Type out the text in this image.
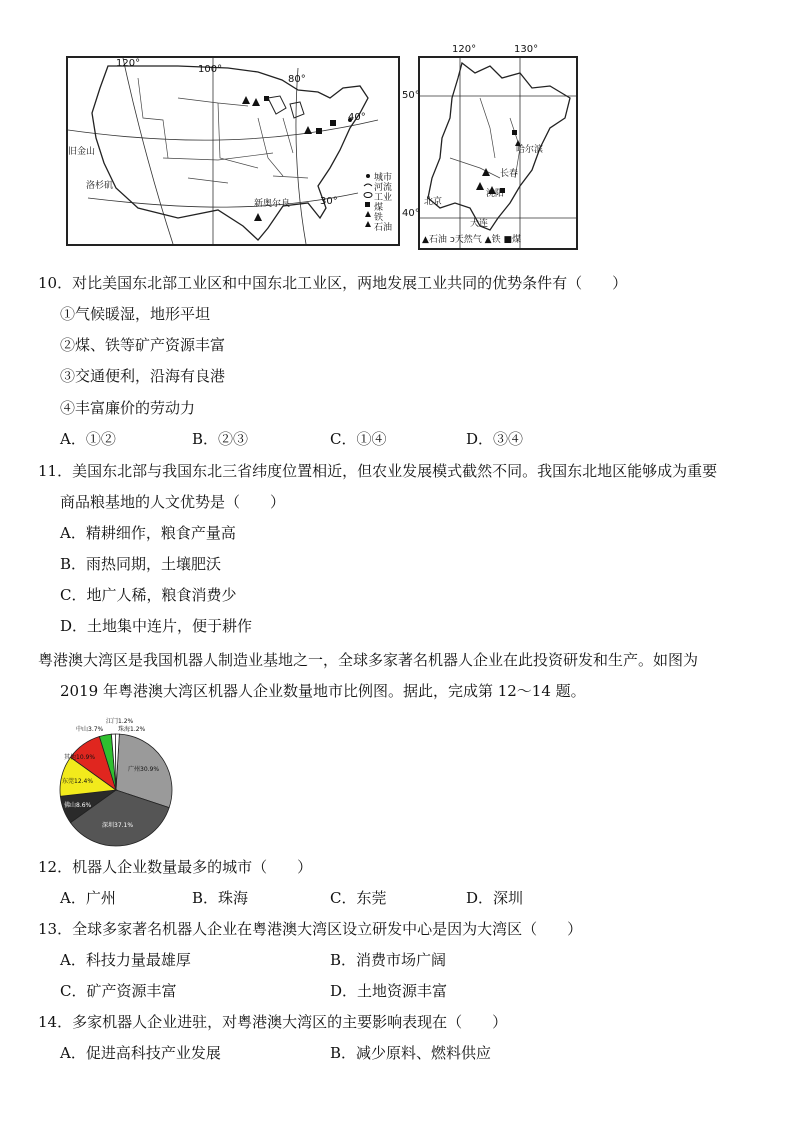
120°
100°
80°
40°
30°
旧金山
洛杉矶
新奥尔良
城市
河流
工业
煤
铁
石油
120°	130°
50°
40°
哈尔滨
长春
沈阳
北京
大连
▲石油 ↄ天然气 ▲铁 ■煤
10．对比美国东北部工业区和中国东北工业区，两地发展工业共同的优势条件有（　　）
①气候暖湿，地形平坦
②煤、铁等矿产资源丰富
③交通便利，沿海有良港
④丰富廉价的劳动力
A．①②	B．②③	C．①④	D．③④
11．美国东北部与我国东北三省纬度位置相近，但农业发展模式截然不同。我国东北地区能够成为重要
商品粮基地的人文优势是（　　）
A．精耕细作，粮食产量高
B．雨热同期，土壤肥沃
C．地广人稀，粮食消费少
D．土地集中连片，便于耕作
粤港澳大湾区是我国机器人制造业基地之一，全球多家著名机器人企业在此投资研发和生产。如图为
2019 年粤港澳大湾区机器人企业数量地市比例图。据此，完成第 12～14 题。
广州30.9%
深圳37.1%
佛山8.6%
东莞12.4%
其他10.9%
中山3.7%
江门1.2%
珠海1.2%
12．机器人企业数量最多的城市（　　）
A．广州	B．珠海	C．东莞	D．深圳
13．全球多家著名机器人企业在粤港澳大湾区设立研发中心是因为大湾区（　　）
A．科技力量最雄厚	B．消费市场广阔
C．矿产资源丰富	D．土地资源丰富
14．多家机器人企业进驻，对粤港澳大湾区的主要影响表现在（　　）
A．促进高科技产业发展	B．减少原料、燃料供应
